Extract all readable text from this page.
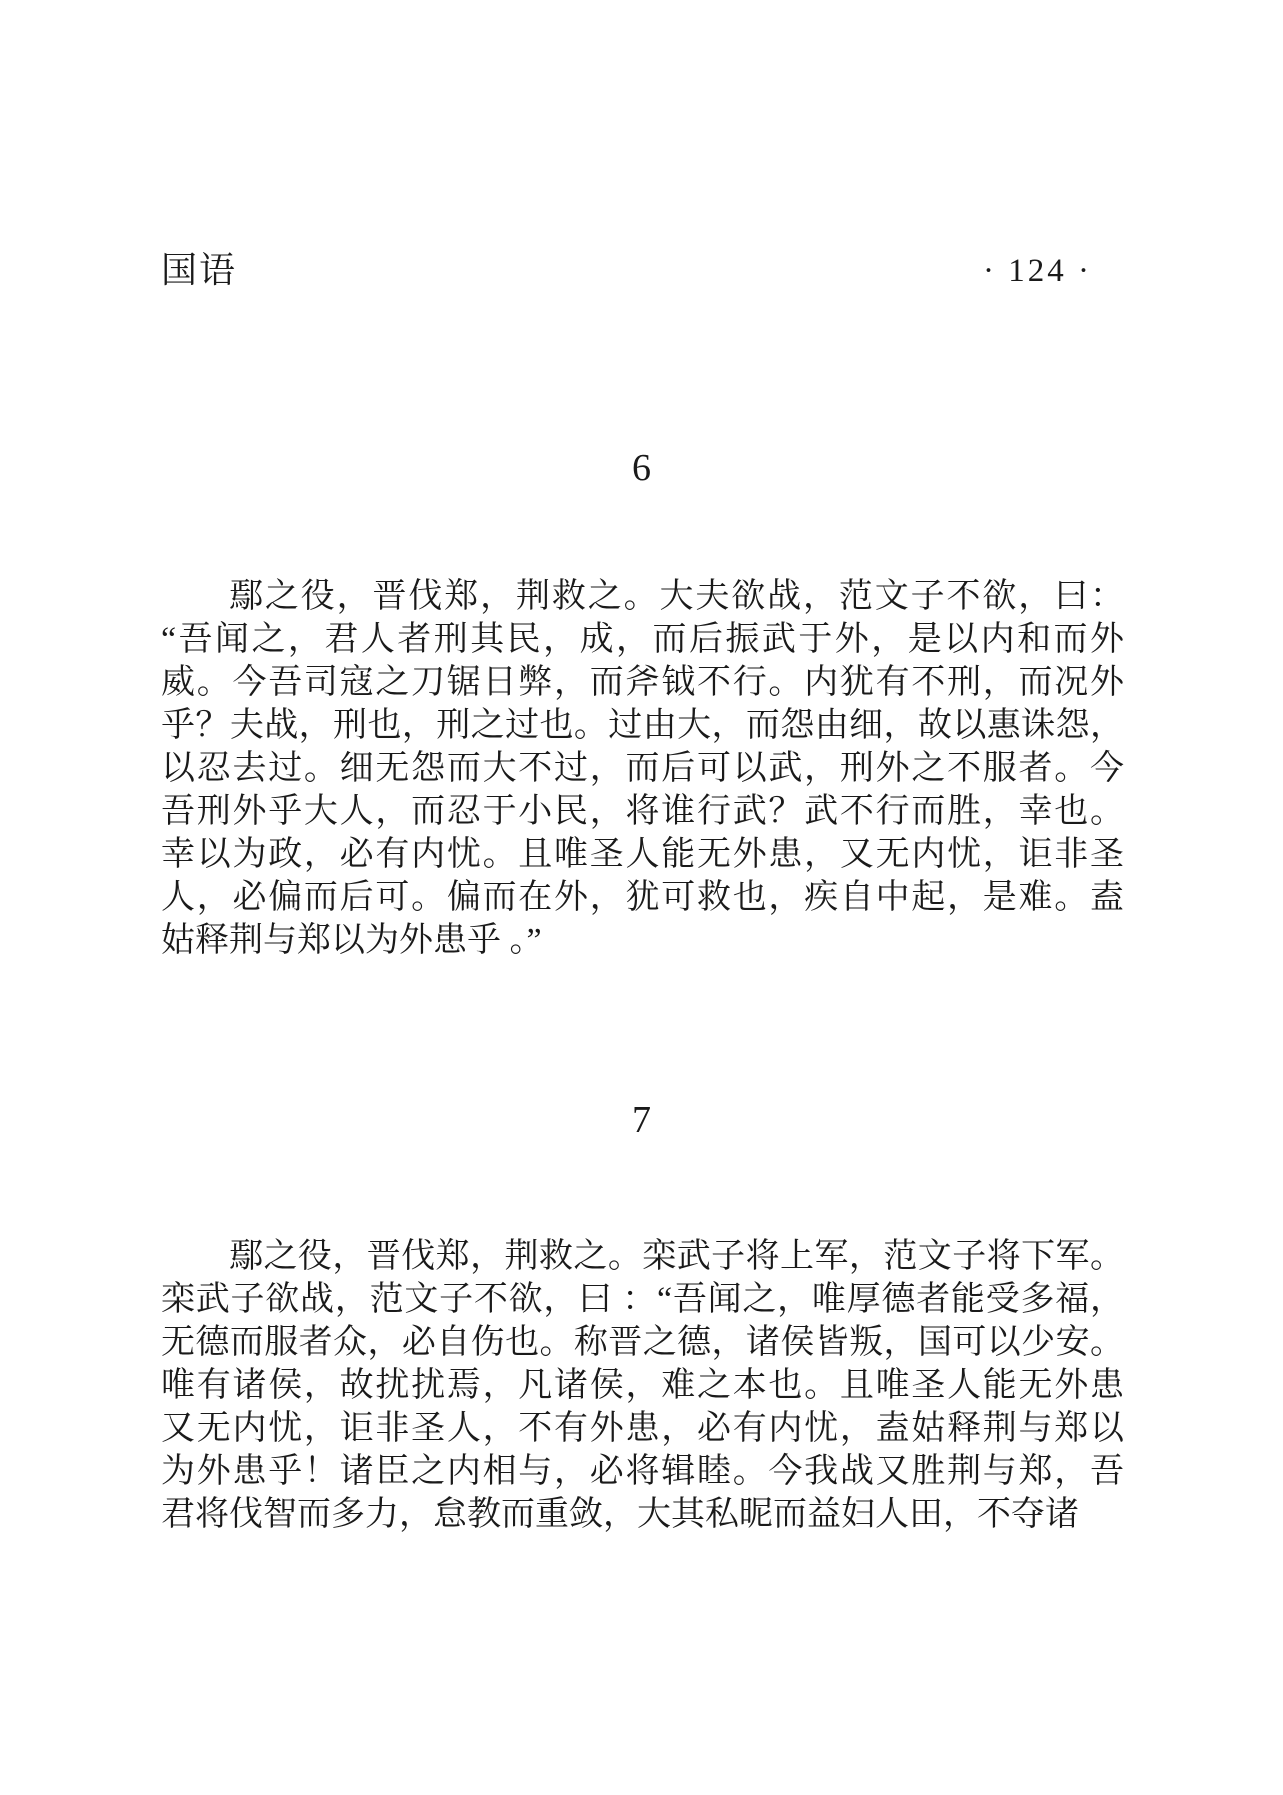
国语	· 124 ·
6
鄢之役，晋伐郑，荆救之。大夫欲战，范文子不欲，曰：
“吾闻之，君人者刑其民，成，而后振武于外，是以内和而外
威。今吾司寇之刀锯日弊，而斧钺不行。内犹有不刑，而况外
乎？夫战，刑也，刑之过也。过由大，而怨由细，故以惠诛怨，
以忍去过。细无怨而大不过，而后可以武，刑外之不服者。今
吾刑外乎大人，而忍于小民，将谁行武？武不行而胜，幸也。
幸以为政，必有内忧。且唯圣人能无外患，又无内忧，讵非圣
人，必偏而后可。偏而在外，犹可救也，疾自中起，是难。盍
姑释荆与郑以为外患乎 。”
7
鄢之役，晋伐郑，荆救之。栾武子将上军，范文子将下军。
栾武子欲战，范文子不欲，曰 ：“吾闻之，唯厚德者能受多福，
无德而服者众，必自伤也。称晋之德，诸侯皆叛，国可以少安。
唯有诸侯，故扰扰焉，凡诸侯，难之本也。且唯圣人能无外患
又无内忧，讵非圣人，不有外患，必有内忧，盍姑释荆与郑以
为外患乎！诸臣之内相与，必将辑睦。今我战又胜荆与郑，吾
君将伐智而多力，怠教而重敛，大其私昵而益妇人田，不夺诸
